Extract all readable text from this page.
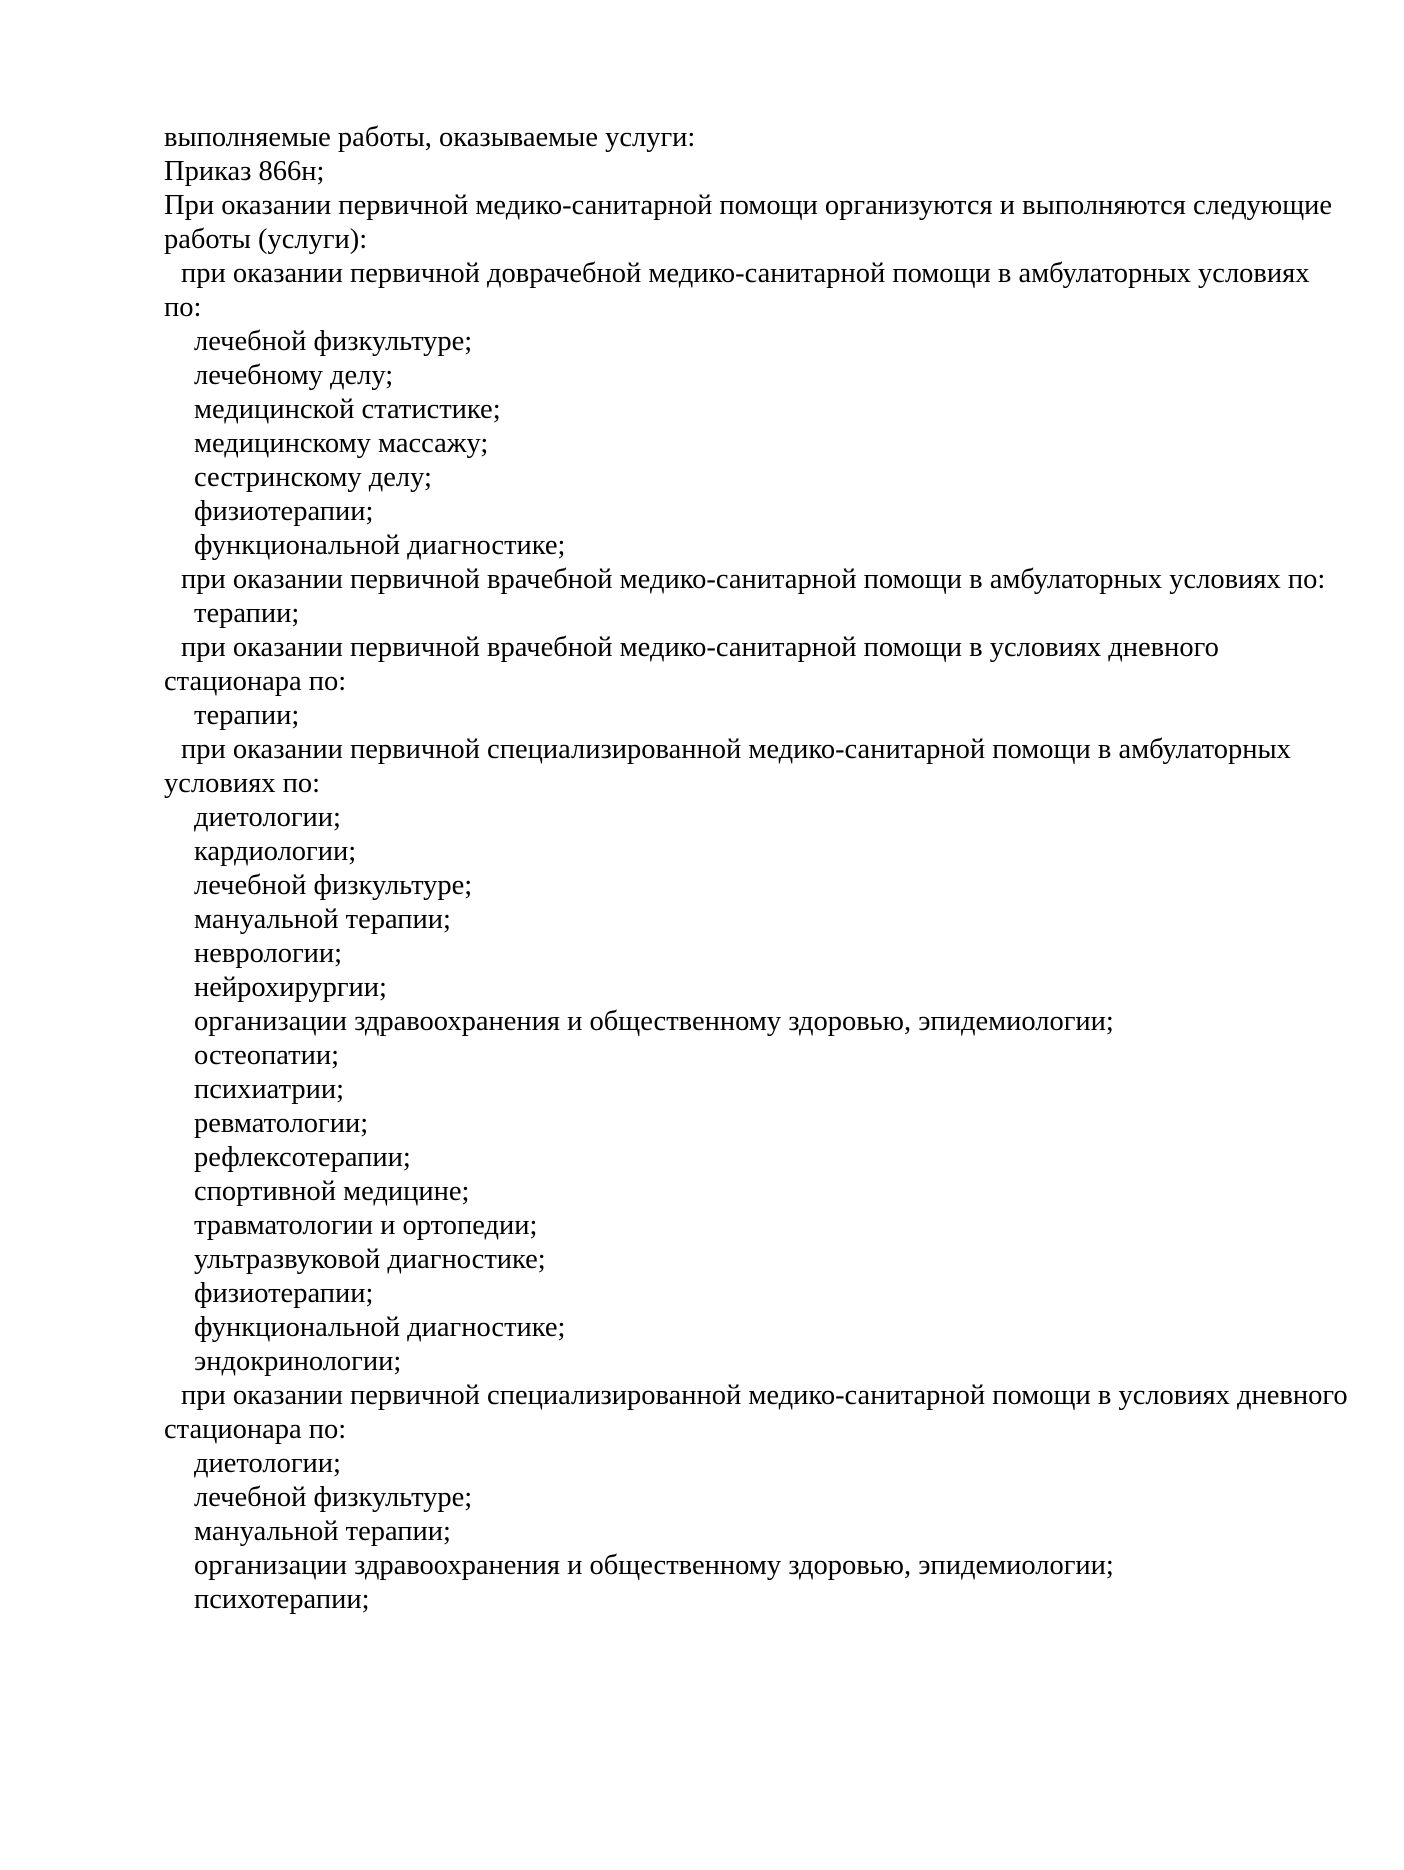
выполняемые работы, оказываемые услуги:
Приказ 866н;
При оказании первичной медико-санитарной помощи организуются и выполняются следующие
работы (услуги):
при оказании первичной доврачебной медико-санитарной помощи в амбулаторных условиях
по:
лечебной физкультуре;
лечебному делу;
медицинской статистике;
медицинскому массажу;
сестринскому делу;
физиотерапии;
функциональной диагностике;
при оказании первичной врачебной медико-санитарной помощи в амбулаторных условиях по:
терапии;
при оказании первичной врачебной медико-санитарной помощи в условиях дневного
стационара по:
терапии;
при оказании первичной специализированной медико-санитарной помощи в амбулаторных
условиях по:
диетологии;
кардиологии;
лечебной физкультуре;
мануальной терапии;
неврологии;
нейрохирургии;
организации здравоохранения и общественному здоровью, эпидемиологии;
остеопатии;
психиатрии;
ревматологии;
рефлексотерапии;
спортивной медицине;
травматологии и ортопедии;
ультразвуковой диагностике;
физиотерапии;
функциональной диагностике;
эндокринологии;
при оказании первичной специализированной медико-санитарной помощи в условиях дневного
стационара по:
диетологии;
лечебной физкультуре;
мануальной терапии;
организации здравоохранения и общественному здоровью, эпидемиологии;
психотерапии;
